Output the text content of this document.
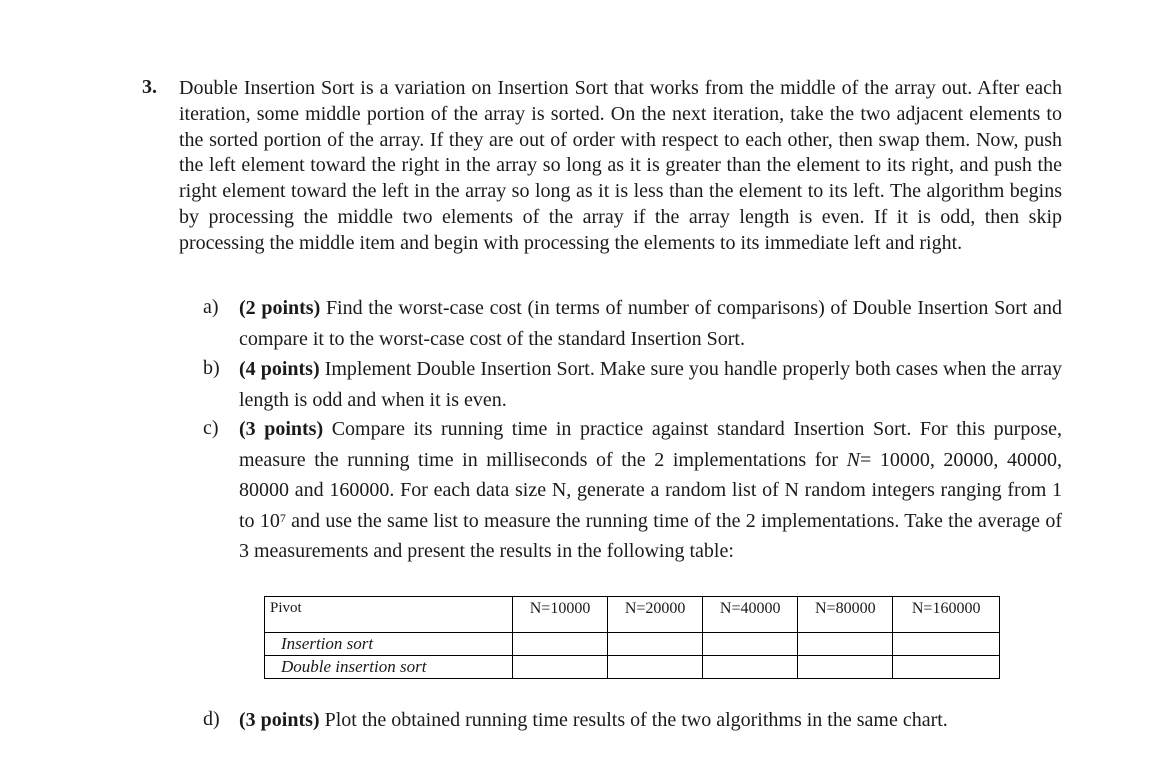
3. Double Insertion Sort is a variation on Insertion Sort that works from the middle of the array out. After each iteration, some middle portion of the array is sorted. On the next iteration, take the two adjacent elements to the sorted portion of the array. If they are out of order with respect to each other, then swap them. Now, push the left element toward the right in the array so long as it is greater than the element to its right, and push the right element toward the left in the array so long as it is less than the element to its left. The algorithm begins by processing the middle two elements of the array if the array length is even. If it is odd, then skip processing the middle item and begin with processing the elements to its immediate left and right.

a) (2 points) Find the worst-case cost (in terms of number of comparisons) of Double Insertion Sort and compare it to the worst-case cost of the standard Insertion Sort.

b) (4 points) Implement Double Insertion Sort. Make sure you handle properly both cases when the array length is odd and when it is even.

c) (3 points) Compare its running time in practice against standard Insertion Sort. For this purpose, measure the running time in milliseconds of the 2 implementations for N= 10000, 20000, 40000, 80000 and 160000. For each data size N, generate a random list of N random integers ranging from 1 to $10^7$ and use the same list to measure the running time of the 2 implementations. Take the average of 3 measurements and present the results in the following table:

Pivot	N=10000	N=20000	N=40000	N=80000	N=160000
Insertion sort					
Double insertion sort					
d) (3 points) Plot the obtained running time results of the two algorithms in the same chart.
